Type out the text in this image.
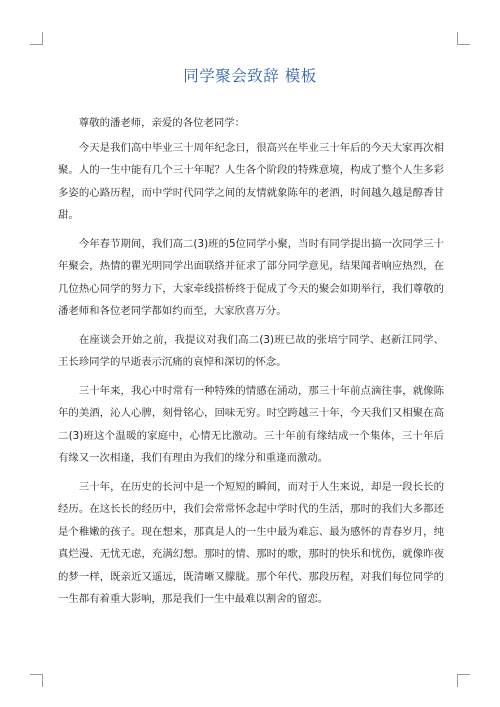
同学聚会致辞 模板

尊敬的潘老师，亲爱的各位老同学：

今天是我们高中毕业三十周年纪念日，很高兴在毕业三十年后的今天大家再次相聚。人的一生中能有几个三十年呢？人生各个阶段的特殊意境，构成了整个人生多彩多姿的心路历程，而中学时代同学之间的友情就象陈年的老酒，时间越久越是醇香甘甜。

今年春节期间，我们高二(3)班的5位同学小聚，当时有同学提出搞一次同学三十年聚会，热情的瞿光明同学出面联络并征求了部分同学意见，结果闻者响应热烈，在几位热心同学的努力下，大家牵线搭桥终于促成了今天的聚会如期举行，我们尊敬的潘老师和各位老同学都如约而至，大家欣喜万分。

在座谈会开始之前，我提议对我们高二(3)班已故的张培宁同学、赵新江同学、王长珍同学的早逝表示沉痛的哀悼和深切的怀念。

三十年来，我心中时常有一种特殊的情感在涌动，那三十年前点滴往事，就像陈年的美酒，沁人心脾，刻骨铭心，回味无穷。时空跨越三十年，今天我们又相聚在高二(3)班这个温暖的家庭中，心情无比激动。三十年前有缘结成一个集体，三十年后有缘又一次相逢，我们有理由为我们的缘分和重逢而激动。

三十年，在历史的长河中是一个短短的瞬间，而对于人生来说，却是一段长长的经历。在这长长的经历中，我们会常常怀念起中学时代的生活，那时的我们大多都还是个稚嫩的孩子。现在想来，那真是人的一生中最为难忘、最为感怀的青春岁月，纯真烂漫、无忧无虑，充满幻想。那时的情、那时的歌，那时的快乐和忧伤，就像昨夜的梦一样，既亲近又遥远，既清晰又朦胧。那个年代、那段历程，对我们每位同学的一生都有着重大影响，那是我们一生中最难以割舍的留恋。
